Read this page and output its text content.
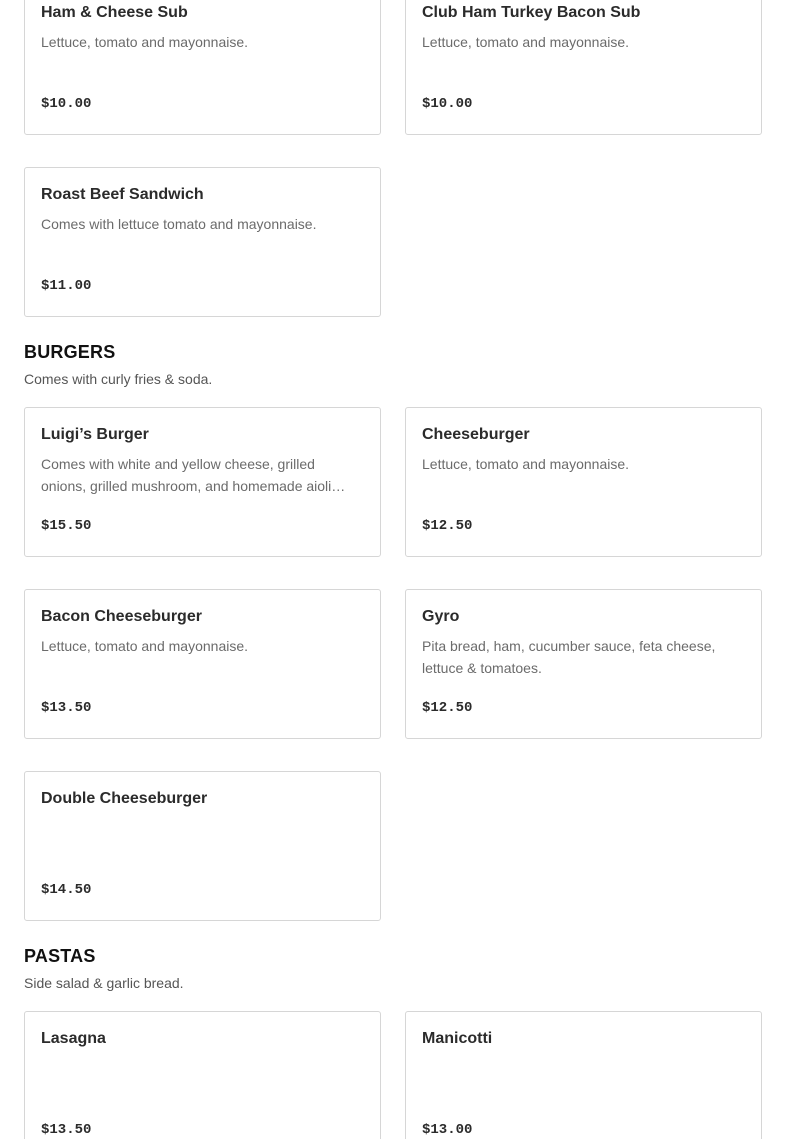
Ham & Cheese Sub
Lettuce, tomato and mayonnaise.
$10.00
Club Ham Turkey Bacon Sub
Lettuce, tomato and mayonnaise.
$10.00
Roast Beef Sandwich
Comes with lettuce tomato and mayonnaise.
$11.00
BURGERS
Comes with curly fries & soda.
Luigi’s Burger
Comes with white and yellow cheese, grilled onions, grilled mushroom, and homemade aioli…
$15.50
Cheeseburger
Lettuce, tomato and mayonnaise.
$12.50
Bacon Cheeseburger
Lettuce, tomato and mayonnaise.
$13.50
Gyro
Pita bread, ham, cucumber sauce, feta cheese, lettuce & tomatoes.
$12.50
Double Cheeseburger
$14.50
PASTAS
Side salad & garlic bread.
Lasagna
$13.50
Manicotti
$13.00
